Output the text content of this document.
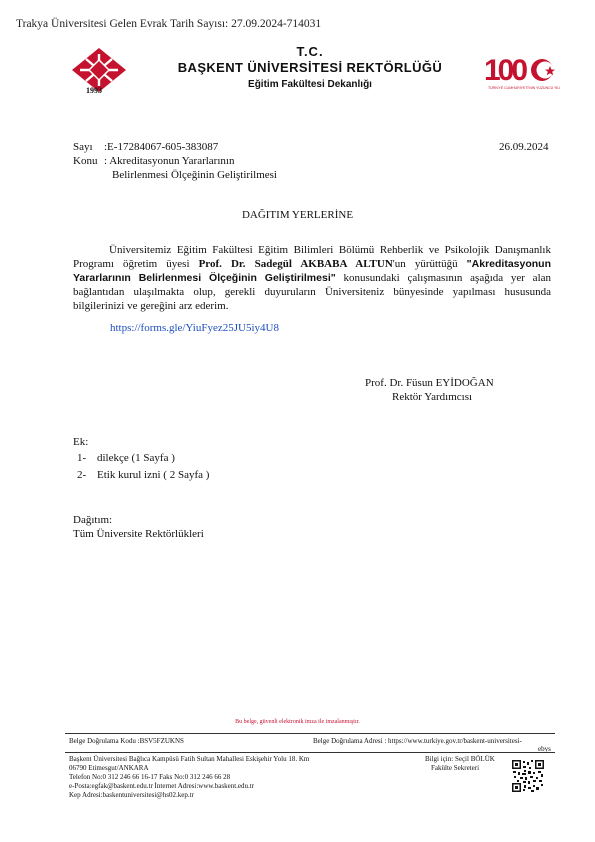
Trakya Üniversitesi Gelen Evrak Tarih Sayısı: 27.09.2024-714031
1993
T.C.
BAŞKENT ÜNİVERSİTESİ REKTÖRLÜĞÜ
Eğitim Fakültesi Dekanlığı	100
TÜRKİYE CUMHURİYETİ'NİN YÜZÜNCÜ YILI
Sayı :E-17284067-605-383087	26.09.2024
Konu : Akreditasyonun Yararlarının
Belirlenmesi Ölçeğinin Geliştirilmesi
DAĞITIM YERLERİNE
Üniversitemiz Eğitim Fakültesi Eğitim Bilimleri Bölümü Rehberlik ve Psikolojik Danışmanlık Programı öğretim üyesi Prof. Dr. Sadegül AKBABA ALTUN'un yürüttüğü "Akreditasyonun Yararlarının Belirlenmesi Ölçeğinin Geliştirilmesi" konusundaki çalışmasının aşağıda yer alan bağlantıdan ulaşılmakta olup, gerekli duyuruların Üniversiteniz bünyesinde yapılması hususunda bilgilerinizi ve gereğini arz ederim.
https://forms.gle/YiuFyez25JU5iy4U8
Prof. Dr. Füsun EYİDOĞAN
Rektör Yardımcısı
Ek:
1- dilekçe (1 Sayfa )
2- Etik kurul izni ( 2 Sayfa )
Dağıtım:
Tüm Üniversite Rektörlükleri
Bu belge, güvenli elektronik imza ile imzalanmıştır.
Belge Doğrulama Kodu :BSV5FZUKNS	Belge Doğrulama Adresi : https://www.turkiye.gov.tr/baskent-universitesi-
ebys
Başkent Üniversitesi Bağlıca Kampüsü Fatih Sultan Mahallesi Eskişehir Yolu 18. Km
06790 Etimesgut/ANKARA
Telefon No:0 312 246 66 16-17 Faks No:0 312 246 66 28
e-Posta:egfak@baskent.edu.tr İnternet Adresi:www.baskent.edu.tr
Kep Adresi:baskentuniversitesi@hs02.kep.tr
Bilgi için: Seçil BÖLÜK
Fakülte Sekreteri
